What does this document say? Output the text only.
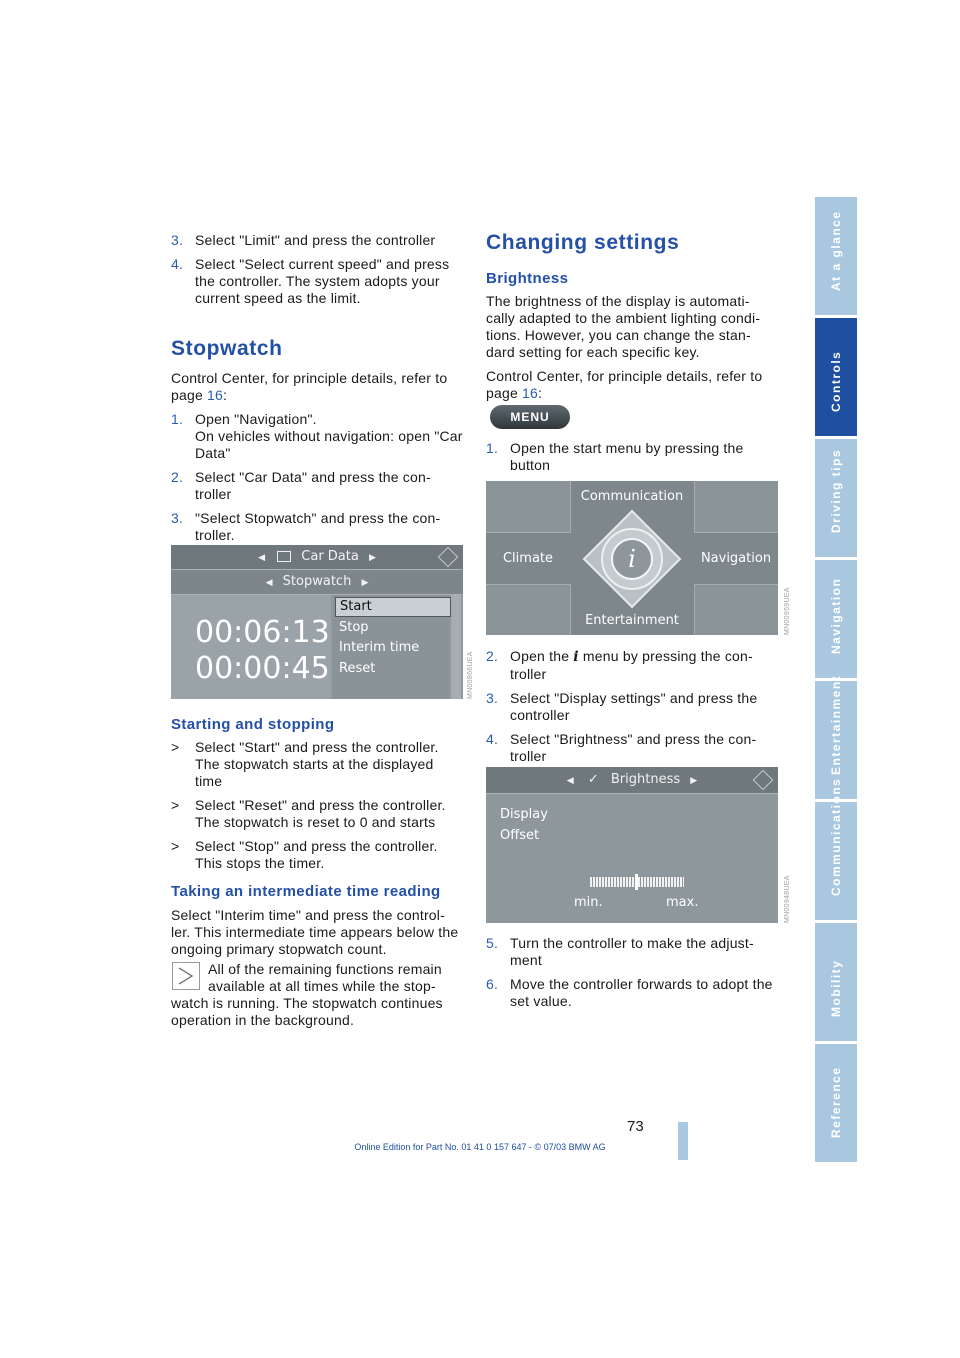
3. Select "Limit" and press the controller
4. Select "Select current speed" and press the controller. The system adopts your current speed as the limit.
Stopwatch

Control Center, for principle details, refer to page 16:

1. Open "Navigation".
On vehicles without navigation: open "Car Data"
2. Select "Car Data" and press the con-troller
3. "Select Stopwatch" and press the con-troller.
◀	Car Data ▶
◀ Stopwatch ▶
00:06:13
00:00:45
Start
Stop
Interim time
Reset	MN00866UEA
Starting and stopping
> Select "Start" and press the controller. The stopwatch starts at the displayed time
> Select "Reset" and press the controller. The stopwatch is reset to 0 and starts
> Select "Stop" and press the controller. This stops the timer.
Taking an intermediate time reading

Select "Interim time" and press the control-ler. This intermediate time appears below the ongoing primary stopwatch count.

All of the remaining functions remain available at all times while the stop-
watch is running. The stopwatch continues operation in the background.
Changing settings
Brightness

The brightness of the display is automati-cally adapted to the ambient lighting condi-tions. However, you can change the stan-dard setting for each specific key.

Control Center, for principle details, refer to page 16:

MENU
1. Open the start menu by pressing the button
Communication
Climate	Navigation
Entertainment
i
MN00959UEA
2. Open the i menu by pressing the con-troller
3. Select "Display settings" and press the controller
4. Select "Brightness" and press the con-troller
◀ ✓ Brightness ▶
Display
Offset
min.	max.	MN00948UEA
5. Turn the controller to make the adjust-ment
6. Move the controller forwards to adopt the set value.
At a glance
Controls
Driving tips
Navigation
Entertainment
Communications
Mobility
Reference
73
Online Edition for Part No. 01 41 0 157 647 - © 07/03 BMW AG
